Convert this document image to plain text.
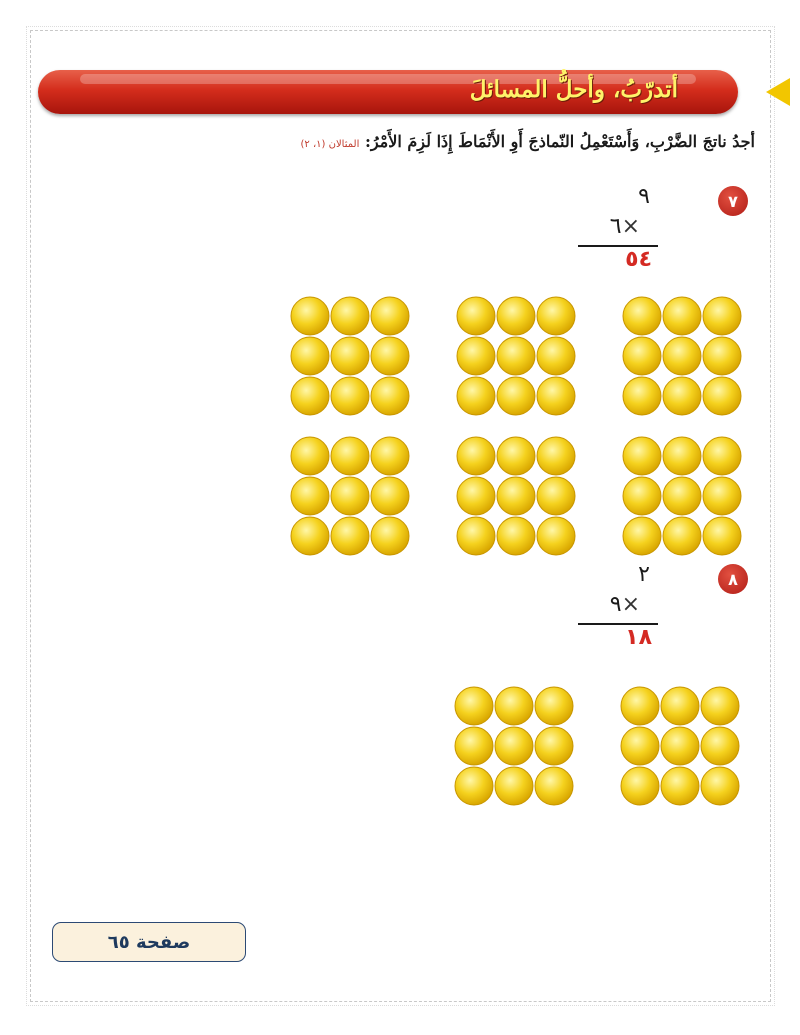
أتدرّبُ، وأحلُّ المسائلَ
أجدُ ناتجَ الضَّرْبِ، وَأَسْتَعْمِلُ النّماذجَ أَوِ الأَنْمَاطَ إِذَا لَزِمَ الأَمْرُ: المثالان (١، ٢)
٧
٩
٦×
٥٤
٨
٢
٩×
١٨
صفحة ٦٥
